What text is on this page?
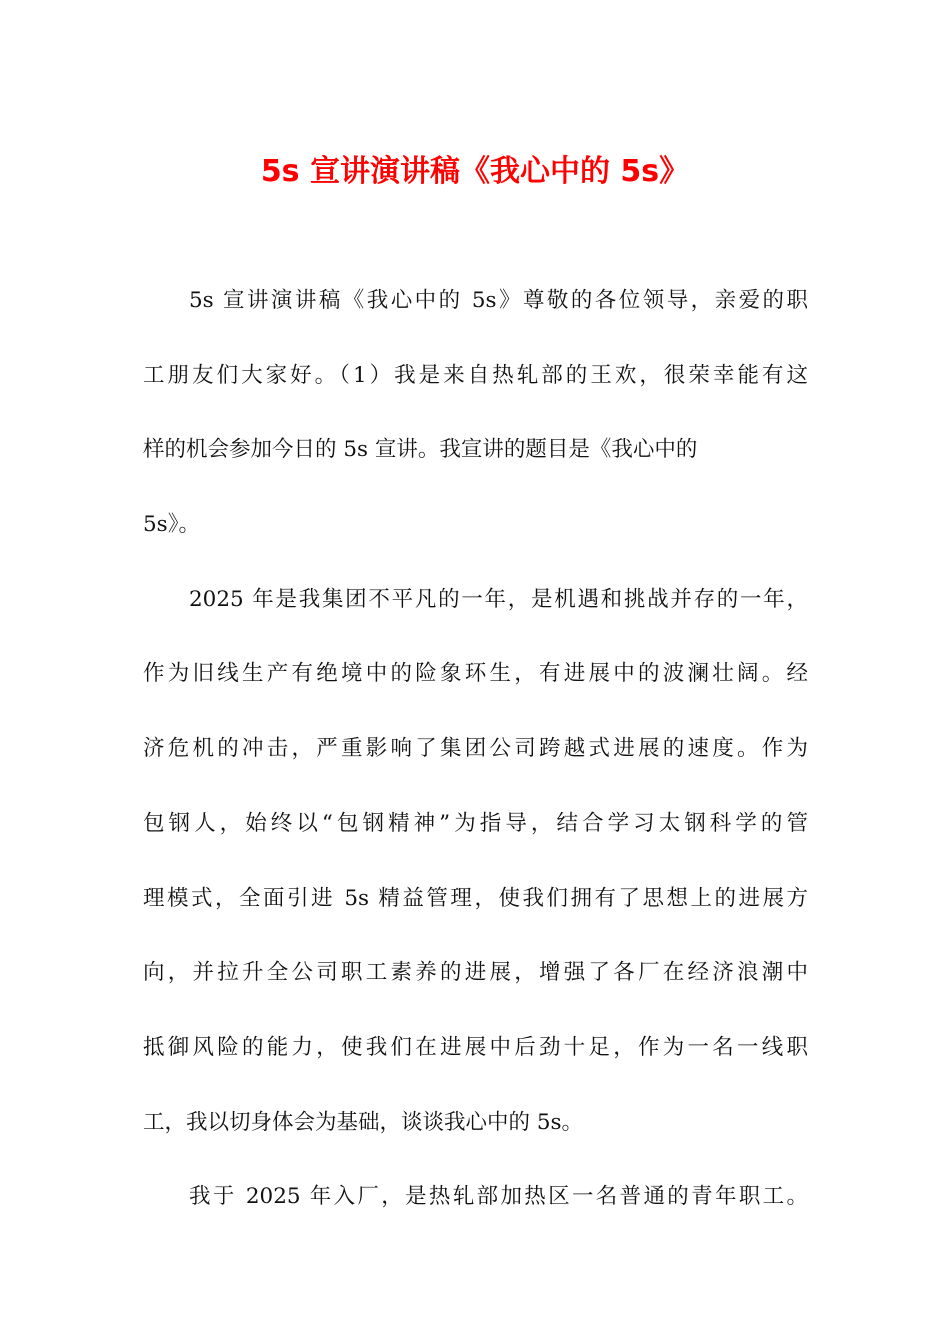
5s 宣讲演讲稿《我心中的 5s》
5s 宣讲演讲稿《我心中的 5s》尊敬的各位领导，亲爱的职
工朋友们大家好。（1）我是来自热轧部的王欢，很荣幸能有这
样的机会参加今日的 5s 宣讲。我宣讲的题目是《我心中的
5s》。
2025 年是我集团不平凡的一年，是机遇和挑战并存的一年，
作为旧线生产有绝境中的险象环生，有进展中的波澜壮阔。经
济危机的冲击，严重影响了集团公司跨越式进展的速度。作为
包钢人，始终以“包钢精神”为指导，结合学习太钢科学的管
理模式，全面引进 5s 精益管理，使我们拥有了思想上的进展方
向，并拉升全公司职工素养的进展，增强了各厂在经济浪潮中
抵御风险的能力，使我们在进展中后劲十足，作为一名一线职
工，我以切身体会为基础，谈谈我心中的 5s。
我于 2025 年入厂，是热轧部加热区一名普通的青年职工。
